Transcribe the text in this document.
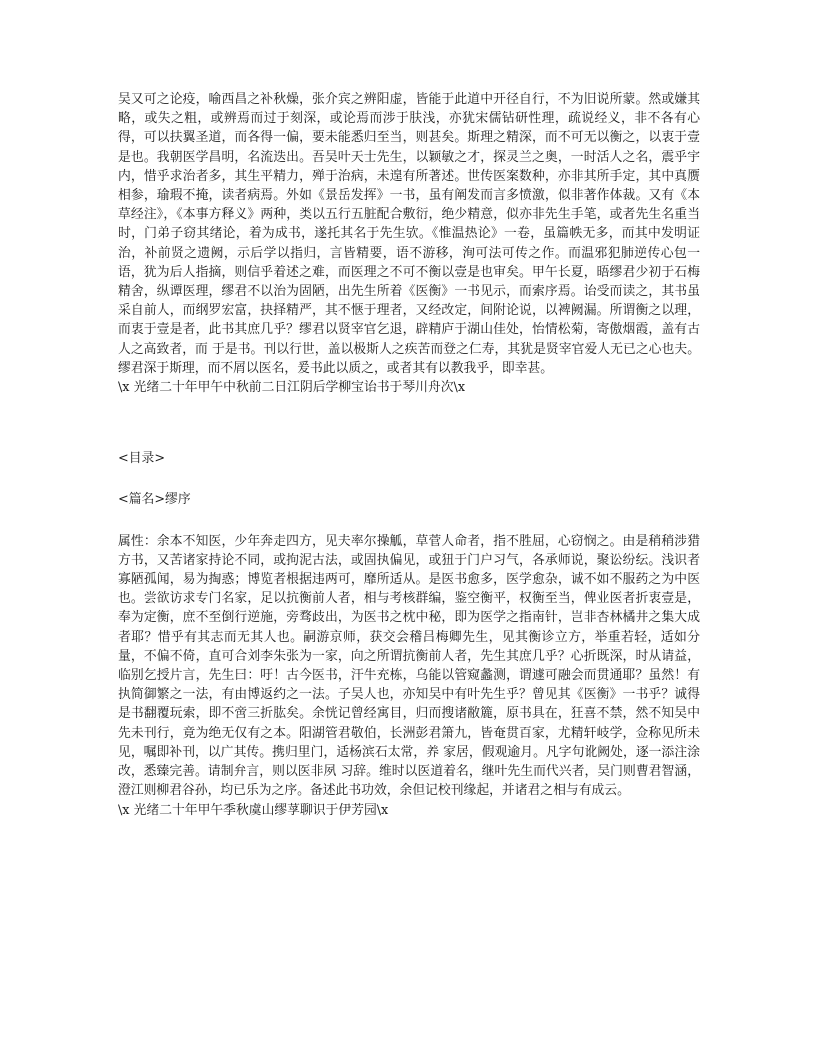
吴又可之论疫，喻西昌之补秋燥，张介宾之辨阳虚，皆能于此道中开径自行，不为旧说所蒙。然或嫌其略，或失之粗，或辨焉而过于刻深，或论焉而涉于肤浅，亦犹宋儒钻研性理，疏说经义，非不各有心得，可以扶翼圣道，而各得一偏，要未能悉归至当，则甚矣。斯理之精深，而不可无以衡之，以衷于壹是也。我朝医学昌明，名流迭出。吾吴叶天士先生，以颖敏之才，探灵兰之奥，一时活人之名，震乎宇内，惜乎求治者多，其生平精力，殚于治病，未遑有所著述。世传医案数种，亦非其所手定，其中真赝相参，瑜瑕不掩，读者病焉。外如《景岳发挥》一书，虽有阐发而言多愤激，似非著作体裁。又有《本草经注》，《本事方释义》两种，类以五行五脏配合敷衍，绝少精意，似亦非先生手笔，或者先生名重当时，门弟子窃其绪论，着为成书，遂托其名于先生欤。《惟温热论》一卷，虽篇帙无多，而其中发明证治，补前贤之遗阙，示后学以指归，言皆精要，语不游移，洵可法可传之作。而温邪犯肺逆传心包一语，犹为后人指摘，则信乎着述之难，而医理之不可不衡以壹是也审矣。甲午长夏，晤缪君少初于石梅精舍，纵谭医理，缪君不以治为固陋，出先生所着《医衡》一书见示，而索序焉。诒受而读之，其书虽采自前人，而纲罗宏富，抉择精严，其不惬于理者，又经改定，间附论说，以裨阙漏。所谓衡之以理，而衷于壹是者，此书其庶几乎？缪君以贤宰官乞退，辟精庐于湖山佳处，怡情松菊，寄傲烟霞，盖有古人之高致者，而 于是书。刊以行世，盖以极斯人之疾苦而登之仁寿，其犹是贤宰官爱人无已之心也夫。缪君深于斯理，而不屑以医名，爰书此以质之，或者其有以教我乎，即幸甚。

\x 光绪二十年甲午中秋前二日江阴后学柳宝诒书于琴川舟次\x

<目录>

<篇名>缪序

属性：余本不知医，少年奔走四方，见夫率尔操觚，草菅人命者，指不胜屈，心窃悯之。由是稍稍涉猎方书，又苦诸家持论不同，或拘泥古法，或固执偏见，或狃于门户习气，各承师说，聚讼纷纭。浅识者寡陋孤闻，易为掏惑；博览者根据违两可，靡所适从。是医书愈多，医学愈杂，诚不如不服药之为中医也。尝欲访求专门名家，足以抗衡前人者，相与考核群编，鉴空衡平，权衡至当，俾业医者折衷壹是，奉为定衡，庶不至倒行逆施，旁骛歧出，为医书之枕中秘，即为医学之指南针，岂非杏林橘井之集大成者耶？惜乎有其志而无其人也。嗣游京师，获交会稽吕梅卿先生，见其衡诊立方，举重若轻，适如分量，不偏不倚，直可合刘李朱张为一家，向之所谓抗衡前人者，先生其庶几乎？心折既深，时从请益，临别乞授片言，先生曰：吁！古今医书，汗牛充栋，乌能以管窥蠡测，谓遽可融会而贯通耶？虽然！有执简御繁之一法，有由博返约之一法。子吴人也，亦知吴中有叶先生乎？曾见其《医衡》一书乎？诚得是书翻覆玩索，即不啻三折肱矣。余恍记曾经寓目，归而搜诸敝簏，原书具在，狂喜不禁，然不知吴中先未刊行，竟为绝无仅有之本。阳湖管君敬伯，长洲彭君箫九，皆奄贯百家，尤精轩岐学，佥称见所未见，嘱即补刊，以广其传。携归里门，适杨滨石太常，养 家居，假观逾月。凡字句讹阙处，逐一添注涂改，悉臻完善。请制弁言，则以医非夙 习辞。维时以医道着名，继叶先生而代兴者，吴门则曹君智涵，澄江则柳君谷孙，均已乐为之序。备述此书功效，余但记校刊缘起，并诸君之相与有成云。

\x 光绪二十年甲午季秋虞山缪莩聊识于伊芳园\x
